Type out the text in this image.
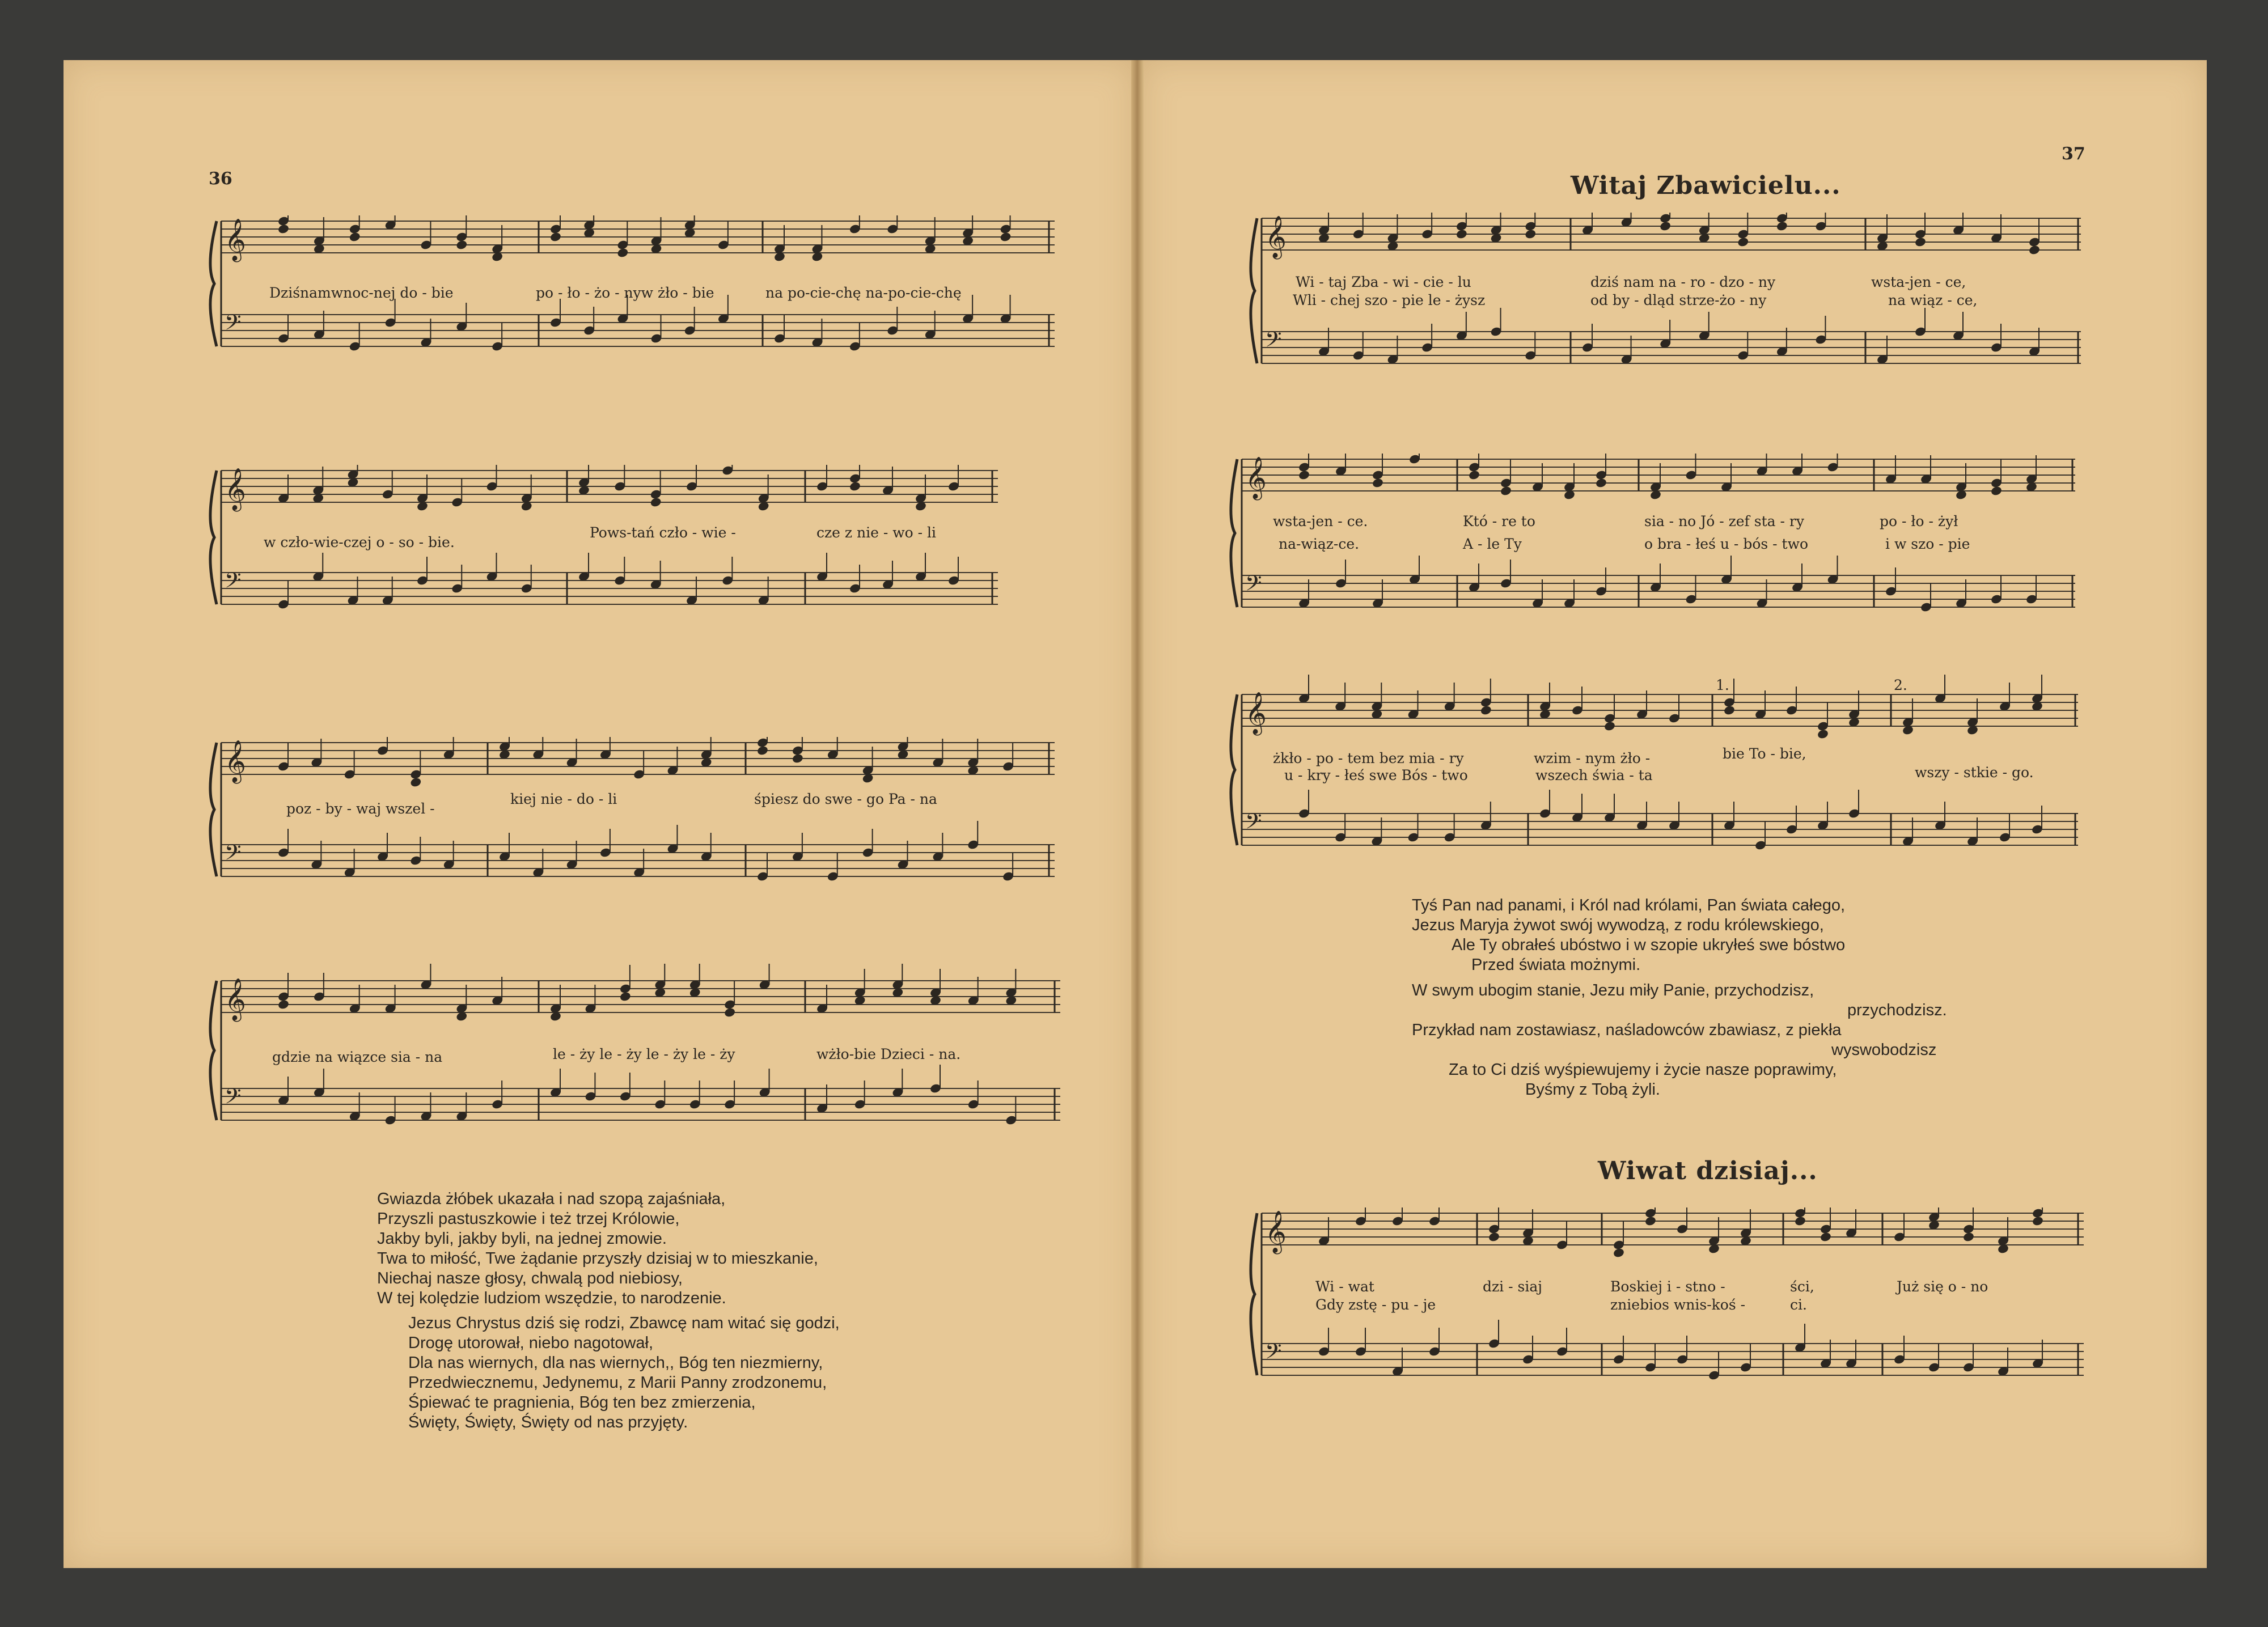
36
37
Dziśnamwnoc-nej do - bie	po - ło - żo - nyw żło - bie	na po-cie-chę na-po-cie-chę
𝄞
𝄢
w czło-wie-czej o - so - bie.
Pows-tań czło - wie -	cze z nie - wo - li
𝄞
𝄢
poz - by - waj wszel -
kiej nie - do - li	śpiesz do swe - go Pa - na
𝄞
𝄢
gdzie na wiązce sia - na	le - ży le - ży le - ży le - ży	wżło-bie Dzieci - na.
𝄞
𝄢
Gwiazda żłóbek ukazała i nad szopą zajaśniała,
Przyszli pastuszkowie i też trzej Królowie,
Jakby byli, jakby byli, na jednej zmowie.
Twa to miłość, Twe żądanie przyszły dzisiaj w to mieszkanie,
Niechaj nasze głosy, chwalą pod niebiosy,
W tej kolędzie ludziom wszędzie, to narodzenie.
Jezus Chrystus dziś się rodzi, Zbawcę nam witać się godzi,
Drogę utorował, niebo nagotował,
Dla nas wiernych, dla nas wiernych,, Bóg ten niezmierny,
Przedwiecznemu, Jedynemu, z Marii Panny zrodzonemu,
Śpiewać te pragnienia, Bóg ten bez zmierzenia,
Święty, Święty, Święty od nas przyjęty.
Witaj Zbawicielu...
Wi - taj Zba - wi - cie - lu
Wli - chej szo - pie le - żysz
dziś nam na - ro - dzo - ny
od by - dląd strze-żo - ny
wsta-jen - ce,
na wiąz - ce,
𝄞
𝄢
wsta-jen - ce.
na-wiąz-ce.
Któ - re to
A - le Ty
sia - no Jó - zef sta - ry
o bra - łeś u - bós - two
po - ło - żył
i w szo - pie
𝄞
𝄢
1.	2.
żkło - po - tem bez mia - ry
u - kry - łeś swe Bós - two
wzim - nym żło -
wszech świa - ta
bie To - bie,
wszy - stkie - go.
𝄞
𝄢
Tyś Pan nad panami, i Król nad królami, Pan świata całego,
Jezus Maryja żywot swój wywodzą, z rodu królewskiego,
Ale Ty obrałeś ubóstwo i w szopie ukryłeś swe bóstwo
Przed świata możnymi.
W swym ubogim stanie, Jezu miły Panie, przychodzisz,
przychodzisz.
Przykład nam zostawiasz, naśladowców zbawiasz, z piekła
wyswobodzisz
Za to Ci dziś wyśpiewujemy i życie nasze poprawimy,
Byśmy z Tobą żyli.
Wiwat dzisiaj...
Wi - wat
Gdy zstę - pu - je
dzi - siaj	Boskiej i - stno -
zniebios wnis-koś -
ści,
ci.
Już się o - no
𝄞
𝄢
